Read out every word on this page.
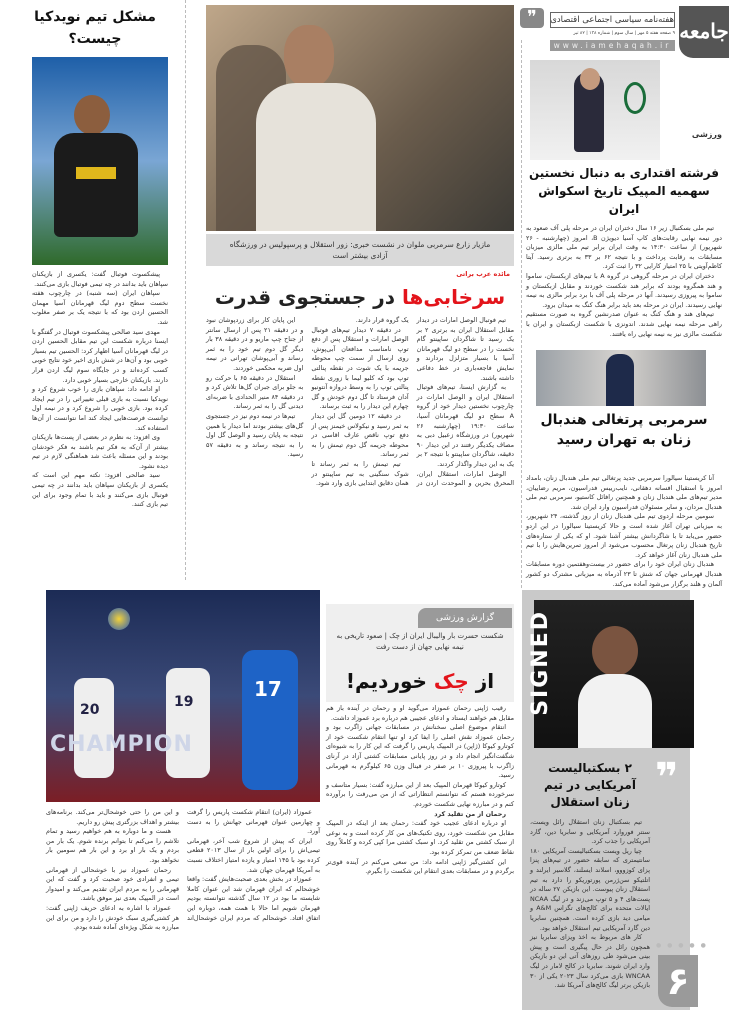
جامعه
هفته‌نامه سیاسی اجتماعی اقتصادی
❞
۹ صفحه هفته ۵ مهر | سال سوم | شماره ۱۳۸ | ۸۲ تیر
www.iamehaqah.ir
ورزشی
فرشته اقتداری به دنبال نخستین سهمیه المپیک تاریخ اسکواش ایران

تیم ملی بسکتبال زیر ۱۶ سال دختران ایران در مرحله پلی آف صعود به دور نیمه نهایی رقابت‌های کاپ آسیا دیویژن B، امروز (چهارشنبه - ۲۶ شهریور) از ساعت ۱۴:۳۰ به وقت ایران برابر تیم ملی مالزی میزبان مسابقات به رقابت پرداخت و با نتیجه ۶۲ بر ۳۳ به برتری رسید. آیتا کاظم‌آویتی با ۲۵ امتیاز کارایی ۳۲ را ثبت کرد.

دختران ایران در مرحله گروهی در گروه A با تیم‌های ازبکستان، ساموا و هند همگروه بودند که برابر هند شکست خوردند و مقابل ازبکستان و ساموا به پیروزی رسیدند. آنها در مرحله پلی آف با برد برابر مالزی به نیمه نهایی رسیدند. ایران در مرحله بعد باید برابر هنگ کنگ به میدان برود.

تیم‌های هند و هنگ کنگ به عنوان صدرنشین گروه به صورت مستقیم راهی مرحله نیمه نهایی شدند. اندونزی با شکست ازبکستان و ایران با شکست مالزی نیز به نیمه نهایی راه یافتند.

سرمربی پرتغالی هندبال زنان به تهران رسید

آنا کریستینا سیالورا سرمربی جدید پرتغالی تیم ملی هندبال زنان، بامداد امروز با استقبال افسانه دهقانی، نایب‌رییس فدراسیون، مریم رضاییان، مدیر تیم‌های ملی هندبال زنان و همچنین رافائل کاستیو، سرمربی تیم ملی هندبال مردان، و سایر مسئولان فدراسیون وارد ایران شد.

سومین مرحله اردوی تیم ملی هندبال زنان از روز گذشته، ۲۴ شهریور، به میزبانی تهران آغاز شده است و حالا کریستینا سیالورا در این اردو حضور می‌یابد تا با شاگردانش بیشتر آشنا شود. او که یکی از ستاره‌های تاریخ هندبال زنان پرتغال محسوب می‌شود از امروز تمرین‌هایش را با تیم ملی هندبال زنان آغاز خواهد کرد.

هندبال زنان ایران خود را برای حضور در بیست‌وهفتمین دوره مسابقات هندبال قهرمانی جهان که شش تا ۲۳ آذرماه به میزبانی مشترک دو کشور آلمان و هلند برگزار می‌شود آماده می‌کند.

SIGNED
❞
۲ بسکتبالیست آمریکایی در تیم زنان استقلال

تیم بسکتبال زنان استقلال رائل ویست، سنتر فوروارد آمریکایی و سابریا دین، گارد آمریکایی را جذب کرد.

چیا ریل ویست بسکتبالیست آمریکایی ۱۸۰ سانتیمتری که سابقه حضور در تیم‌های پنزا پزای کوزووو، اسلاند ایسلند، گلاسیر ایرلند و اتلتیکو سن‌ژرمن پورتوریکو را دارد به تیم استقلال زنان پیوست. این بازیکن ۲۷ ساله در پست‌های ۴ و ۵ توپ می‌زند و در لیگ NCAA ایالات متحده برای کالج‌های تگزاس A&M و میامی دید بازی کرده است. همچنین سابریا دین گارد آمریکایی تیم استقلال خواهد بود.

کار های مربوط به اخذ ویزای سابریا نیز همچون رائل در حال پیگیری است و پیش بینی می‌شود طی روزهای آتی این دو بازیکن وارد ایران شوند. سابریا در کالج لامار در لیگ WNCAA بازی می‌کرد سال ۲۰۲۳ یکی از ۳۰ بازیکن برتر لیگ کالج‌های آمریکا شد. ۶
● ● ● ● ●
مازیار زارع سرمربی ملوان در نشست خبری: زور استقلال و پرسپولیس در ورزشگاه آزادی بیشتر است
مائده عرب براتی
سرخابی‌ها در جستجوی قدرت

تیم فوتبال الوصل امارات در دیدار مقابل استقلال ایران به برتری ۲ بر یک رسید تا شاگردان ساپینتو گام نخست را در سطح دو لیگ قهرمانان آسیا با بسیار متزلزل بردارند و نمایش فاجعه‌باری در خط دفاعی داشته باشند.

به گزارش ایسنا، تیم‌های فوتبال استقلال ایران و الوصل امارات در چارچوب نخستین دیدار خود از گروه A سطح دو لیگ قهرمانان آسیا، ساعت ۱۹:۳۰ (چهارشنبه ۲۶ شهریور) در ورزشگاه زعبیل دبی به مصاف یکدیگر رفتند در این دیدار ۹۰ دقیقه، شاگردان ساپینتو با نتیجه ۲ بر یک به این دیدار واگذار کردند.

الوصل امارات، استقلال ایران، المحرق بحرین و الموحدت اردن در یک گروه قرار دارند.

در دقیقه ۷ دیدار تیم‌های فوتبال الوصل امارات و استقلال پس از دفع توپ نامناسب مدافعان آبی‌پوش، روی ارسال از سمت چپ محوطه جریمه با یک شوت در نقطه پنالتی توپ بود که کلیو لیما با زوری نقطه پنالتی توپ را به وسط دروازه آنتونیو آدان فرستاد تا گل دوم خودش و گل چهارم این دیدار را به ثبت برساند.

در دقیقه ۱۲ دومین گل این دیدار به ثمر رسید و نیکولاس خیمنز پس از دفع توپ ناقص عارف اقاسی در محوطه جریمه گل دوم تیمش را به ثمر رساند.

تیم تیمش را به ثمر رساند تا شوک سنگینی به تیم ساپینتو در همان دقایق ابتدایی بازی وارد شود.

این پایان کار برای زردپوشان نبود و در دقیقه ۲۱ پس از ارسال سانتر از جناح چپ ماریو و در دقیقه ۳۸ بار دیگر گل دوم تیم خود را به ثمر رساند و آبی‌پوشان تهرانی در نیمه اول ضربه محکمی خوردند.

استقلال در دقیقه ۶۵ با حرکت رو به جلو برای جبران گل‌ها تلاش کرد و در دقیقه ۸۴ منیر الحدادی با ضربه‌ای دیدنی گل را به ثمر رساند.

تیم‌ها در نیمه دوم نیز در جستجوی گل‌های بیشتر بودند اما دیدار با همین نتیجه به پایان رسید و الوصل گل اول را به نتیجه رساند و به دقیقه ۵۷ رسید.

مشکل تیم نویدکیا چیست؟

پیشکسوت فوتبال گفت: یکسری از بازیکنان سپاهان باید بدانند در چه تیمی فوتبال بازی می‌کنند.

سپاهان ایران (سه شنبه) در چارچوب هفته نخست سطح دوم لیگ قهرمانان آسیا مهمان الحسین اردن بود که با نتیجه یک بر صفر مغلوب شد.

مهدی سید صالحی پیشکسوت فوتبال در گفتگو با ایسنا درباره شکست این تیم مقابل الحسین اردن در لیگ قهرمانان آسیا اظهار کرد: الحسین تیم بسیار خوبی بود و آن‌ها در شش بازی اخیر خود نتایج خوبی کسب کرده‌اند و در جایگاه سوم لیگ اردن قرار دارند. بازیکنان خارجی بسیار خوبی دارد.

او ادامه داد: سپاهان بازی را خوب شروع کرد و نویدکیا نسبت به بازی قبلی تغییراتی را در تیم ایجاد کرده بود. بازی خوبی را شروع کرد و در نیمه اول توانست فرصت‌هایی ایجاد کند اما نتوانست از آن‌ها استفاده کند.

وی افزود: به نظرم در بعضی از پست‌ها بازیکنان بیشتر از آن‌که به فکر تیم باشند به فکر خودشان بودند و این مسئله باعث شد هماهنگی لازم در تیم دیده نشود.

سید صالحی افزود: نکته مهم این است که یکسری از بازیکنان سپاهان باید بدانند در چه تیمی فوتبال بازی می‌کنند و باید با تمام وجود برای این تیم بازی کنند.

20	19
17
CHAMPION
گزارش ورزشی
شکست حسرت بار والیبال ایران از چک | صعود تاریخی به نیمه نهایی جهان از دست رفت
از چک خوردیم!

رقیب ژاپنی رحمان عموزاد می‌گوید او و رحمان در آینده باز هم مقابل هم خواهند ایستاد و ادعای عجیبی هم درباره برد عموزاد داشت.

انتقام موضوع اصلی سخنانش در مسابقات جهانی زاگرب بود و رحمان عموزاد نقش اصلی را ایفا کرد او تنها انتقام شکست خود از کوتارو کیوکا (ژاپن) در المپیک پاریس را گرفت که این کار را به شیوه‌ای شگفت‌انگیز انجام داد و در روز پایانی مسابقات کشتی آزاد در آرنای زاگرب با پیروزی ۱۰ بر صفر در فینال وزن ۶۵ کیلوگرم به قهرمانی رسید.

کوتارو کیوکا قهرمان المپیک بعد از این مبارزه گفت: بسیار متاسف و سرخورده هستم که نتوانستم انتظاراتی که از من می‌رفت را برآورده کنم و در مبارزه نهایی شکست خوردم.

رحمان از من تقلید کرد

او درباره ادعای عجیب خود گفت: رحمان بعد از اینکه در المپیک مقابل من شکست خورد، روی تکنیک‌های من کار کرده است و به نوعی از سبک کشتی من تقلید کرد. او سبک کشتی مرا کپی کرده و کاملاً روی نقاط ضعف من تمرکز کرده بود.

این کشتی‌گیر ژاپنی ادامه داد: من سعی می‌کنم در آینده قوی‌تر برگردم و در مسابقات بعدی انتقام این شکست را بگیرم.

عموزاد (ایران) انتقام شکست پاریس را گرفت و چهارمین عنوان قهرمانی جهانش را به دست آورد.

ایران که پیش از شروع شب آخر، قهرمانی تیمی‌اش را برای اولین بار از سال ۲۰۱۳ قطعی کرده بود با ۱۴۵ امتیاز و یازده امتیاز اختلاف نسبت به آمریکا قهرمان جهان شد.

عموزاد در بخش بعدی صحبت‌هایش گفت: واقعا خوشحالم که ایران قهرمان شد این عنوان کاملا شایسته ما بود در ۱۲ سال گذشته نتوانسته بودیم قهرمان شویم اما حالا با همت همه، دوباره این اتفاق افتاد. خوشحالم که مردم ایران خوشحال‌اند و این من را حتی خوشحال‌تر می‌کند. برنامه‌های بیشتر و اهداف بزرگتری پیش رو داریم.

هست و ما دوباره به هم خواهیم رسید و تمام تلاشم را می‌کنم تا بتوانم برنده شوم. یک بار من بردم و یک بار او برد و این بار هم سومین بار نخواهد بود.

رحمان عموزاد نیز با خوشحالی از قهرمانی تیمی و انفرادی خود صحبت کرد و گفت که این قهرمانی را به مردم ایران تقدیم می‌کند و امیدوار است در المپیک بعدی نیز موفق باشد.

عموزاد با اشاره به ادعای حریف ژاپنی گفت: هر کشتی‌گیری سبک خودش را دارد و من برای این مبارزه به شکل ویژه‌ای آماده شده بودم.
